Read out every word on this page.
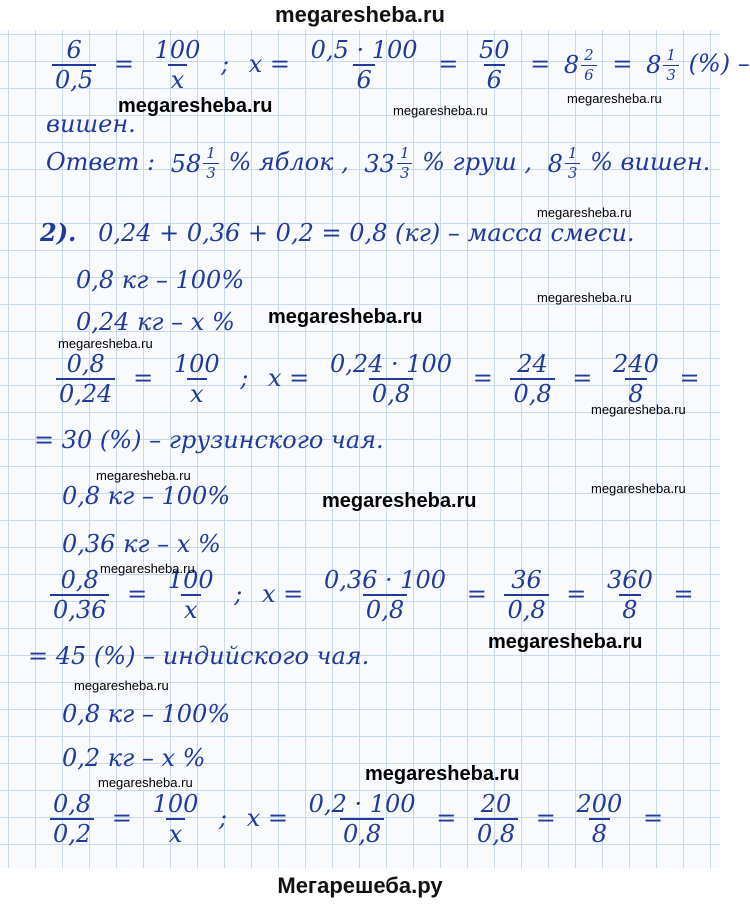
megaresheba.ru
$\frac{6}{0,5} = \frac{100}{x}$ ; $x = \frac{0,5 \cdot 100}{6} = \frac{50}{6} = 8 \frac{2}{6} = 8 \frac{1}{3}$ (%) –
вишен.
Ответ : $58 \frac{1}{3}$ % яблок , $33 \frac{1}{3}$ % груш , $8 \frac{1}{3}$ % вишен.
2). 0,24 + 0,36 + 0,2 = 0,8 (кг) – масса смеси.
0,8 кг – 100%
0,24 кг – x %
$\frac{0,8}{0,24} = \frac{100}{x}$ ; $x = \frac{0,24 \cdot 100}{0,8} = \frac{24}{0,8} = \frac{240}{8}$ =
= 30 (%) – грузинского чая.
0,8 кг – 100%
0,36 кг – x %
$\frac{0,8}{0,36} = \frac{100}{x}$ ; $x = \frac{0,36 \cdot 100}{0,8} = \frac{36}{0,8} = \frac{360}{8}$ =
= 45 (%) – индийского чая.
0,8 кг – 100%
0,2 кг – x %
$\frac{0,8}{0,2} = \frac{100}{x}$ ; $x = \frac{0,2 \cdot 100}{0,8} = \frac{20}{0,8} = \frac{200}{8}$ =
megaresheba.ru	megaresheba.ru
megaresheba.ru
megaresheba.ru
megaresheba.ru
megaresheba.ru
megaresheba.ru
megaresheba.ru
megaresheba.ru
megaresheba.ru
megaresheba.ru
megaresheba.ru
megaresheba.ru
megaresheba.ru
megaresheba.ru
megaresheba.ru
Мегарешеба.ру
